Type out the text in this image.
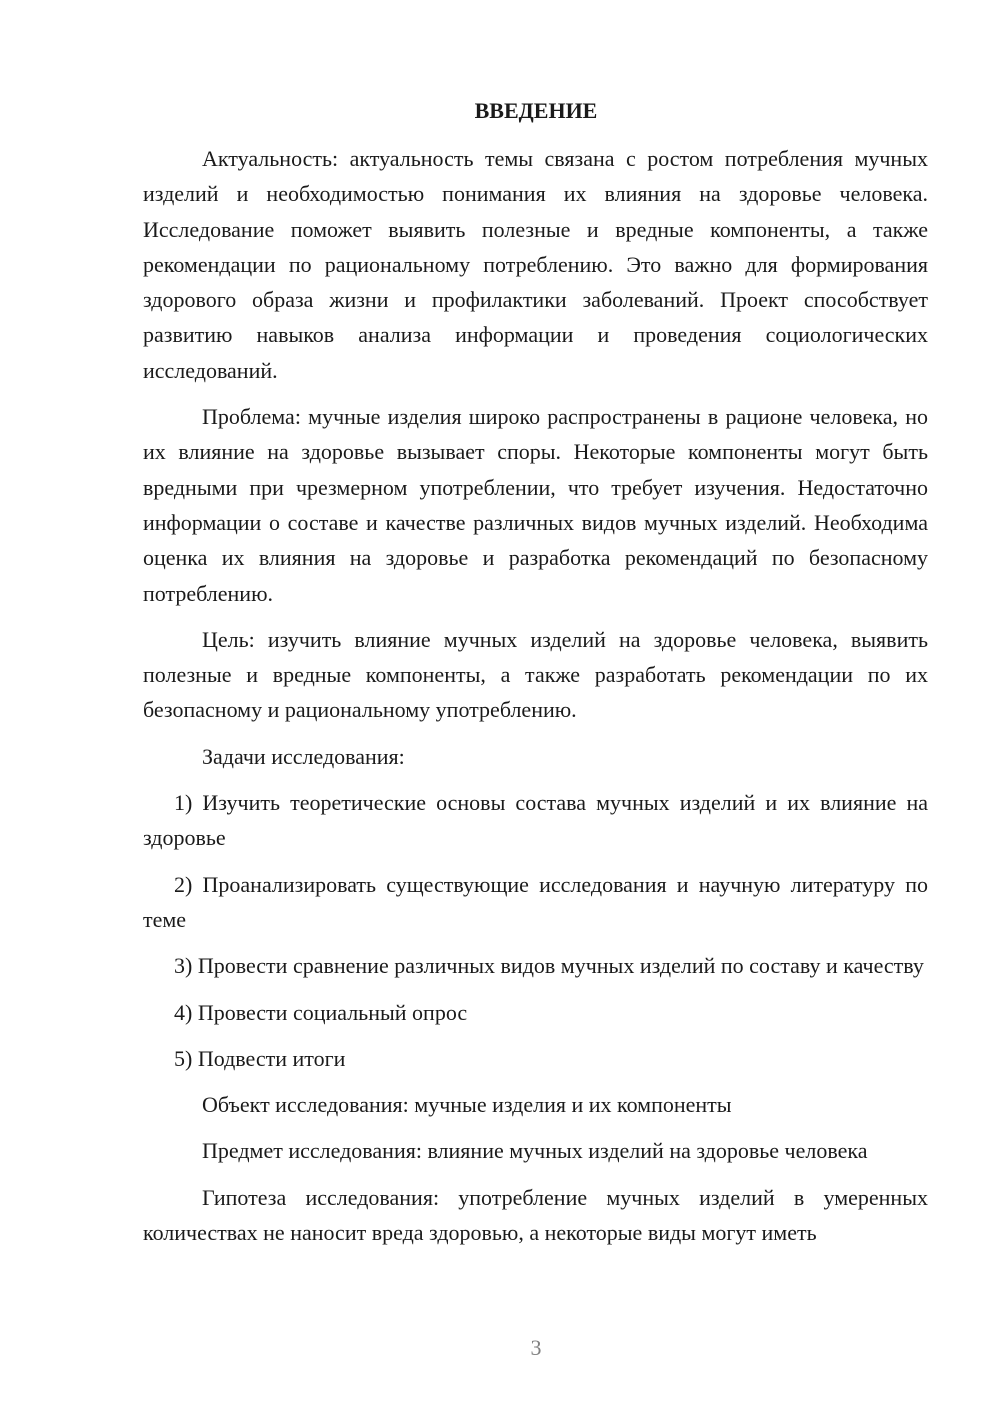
ВВЕДЕНИЕ

Актуальность: актуальность темы связана с ростом потребления мучных изделий и необходимостью понимания их влияния на здоровье человека. Исследование поможет выявить полезные и вредные компоненты, а также рекомендации по рациональному потреблению. Это важно для формирования здорового образа жизни и профилактики заболеваний. Проект способствует развитию навыков анализа информации и проведения социологических исследований.

Проблема: мучные изделия широко распространены в рационе человека, но их влияние на здоровье вызывает споры. Некоторые компоненты могут быть вредными при чрезмерном употреблении, что требует изучения. Недостаточно информации о составе и качестве различных видов мучных изделий. Необходима оценка их влияния на здоровье и разработка рекомендаций по безопасному потреблению.

Цель: изучить влияние мучных изделий на здоровье человека, выявить полезные и вредные компоненты, а также разработать рекомендации по их безопасному и рациональному употреблению.

Задачи исследования:

1) Изучить теоретические основы состава мучных изделий и их влияние на здоровье

2) Проанализировать существующие исследования и научную литературу по теме

3) Провести сравнение различных видов мучных изделий по составу и качеству

4) Провести социальный опрос

5) Подвести итоги

Объект исследования: мучные изделия и их компоненты

Предмет исследования: влияние мучных изделий на здоровье человека

Гипотеза исследования: употребление мучных изделий в умеренных количествах не наносит вреда здоровью, а некоторые виды могут иметь

3
